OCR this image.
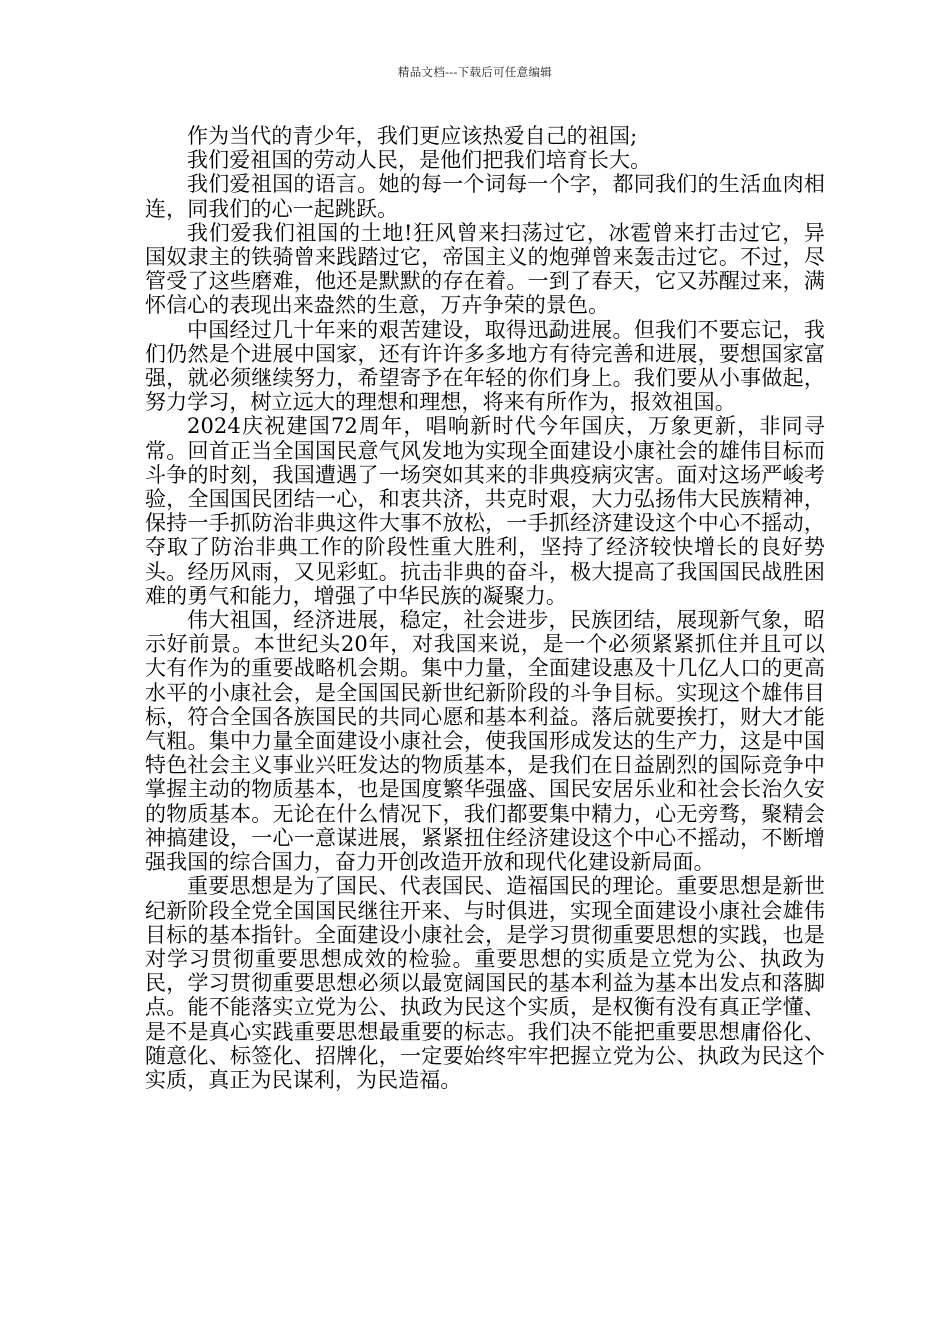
精品文档---下载后可任意编辑

作为当代的青少年，我们更应该热爱自己的祖国;

我们爱祖国的劳动人民，是他们把我们培育长大。

我们爱祖国的语言。她的每一个词每一个字，都同我们的生活血肉相连，同我们的心一起跳跃。

我们爱我们祖国的土地!狂风曾来扫荡过它，冰雹曾来打击过它，异国奴隶主的铁骑曾来践踏过它，帝国主义的炮弹曾来轰击过它。不过，尽管受了这些磨难，他还是默默的存在着。一到了春天，它又苏醒过来，满怀信心的表现出来盎然的生意，万卉争荣的景色。

中国经过几十年来的艰苦建设，取得迅勐进展。但我们不要忘记，我们仍然是个进展中国家，还有许许多多地方有待完善和进展，要想国家富强，就必须继续努力，希望寄予在年轻的你们身上。我们要从小事做起，努力学习，树立远大的理想和理想，将来有所作为，报效祖国。

2024庆祝建国72周年，唱响新时代今年国庆，万象更新，非同寻常。回首正当全国国民意气风发地为实现全面建设小康社会的雄伟目标而斗争的时刻，我国遭遇了一场突如其来的非典疫病灾害。面对这场严峻考验，全国国民团结一心，和衷共济，共克时艰，大力弘扬伟大民族精神，保持一手抓防治非典这件大事不放松，一手抓经济建设这个中心不摇动，夺取了防治非典工作的阶段性重大胜利，坚持了经济较快增长的良好势头。经历风雨，又见彩虹。抗击非典的奋斗，极大提高了我国国民战胜困难的勇气和能力，增强了中华民族的凝聚力。

伟大祖国，经济进展，稳定，社会进步，民族团结，展现新气象，昭示好前景。本世纪头20年，对我国来说，是一个必须紧紧抓住并且可以大有作为的重要战略机会期。集中力量，全面建设惠及十几亿人口的更高水平的小康社会，是全国国民新世纪新阶段的斗争目标。实现这个雄伟目标，符合全国各族国民的共同心愿和基本利益。落后就要挨打，财大才能气粗。集中力量全面建设小康社会，使我国形成发达的生产力，这是中国特色社会主义事业兴旺发达的物质基本，是我们在日益剧烈的国际竞争中掌握主动的物质基本，也是国度繁华强盛、国民安居乐业和社会长治久安的物质基本。无论在什么情况下，我们都要集中精力，心无旁骛，聚精会神搞建设，一心一意谋进展，紧紧扭住经济建设这个中心不摇动，不断增强我国的综合国力，奋力开创改造开放和现代化建设新局面。

重要思想是为了国民、代表国民、造福国民的理论。重要思想是新世纪新阶段全党全国国民继往开来、与时俱进，实现全面建设小康社会雄伟目标的基本指针。全面建设小康社会，是学习贯彻重要思想的实践，也是对学习贯彻重要思想成效的检验。重要思想的实质是立党为公、执政为民，学习贯彻重要思想必须以最宽阔国民的基本利益为基本出发点和落脚点。能不能落实立党为公、执政为民这个实质，是权衡有没有真正学懂、是不是真心实践重要思想最重要的标志。我们决不能把重要思想庸俗化、随意化、标签化、招牌化，一定要始终牢牢把握立党为公、执政为民这个实质，真正为民谋利，为民造福。
